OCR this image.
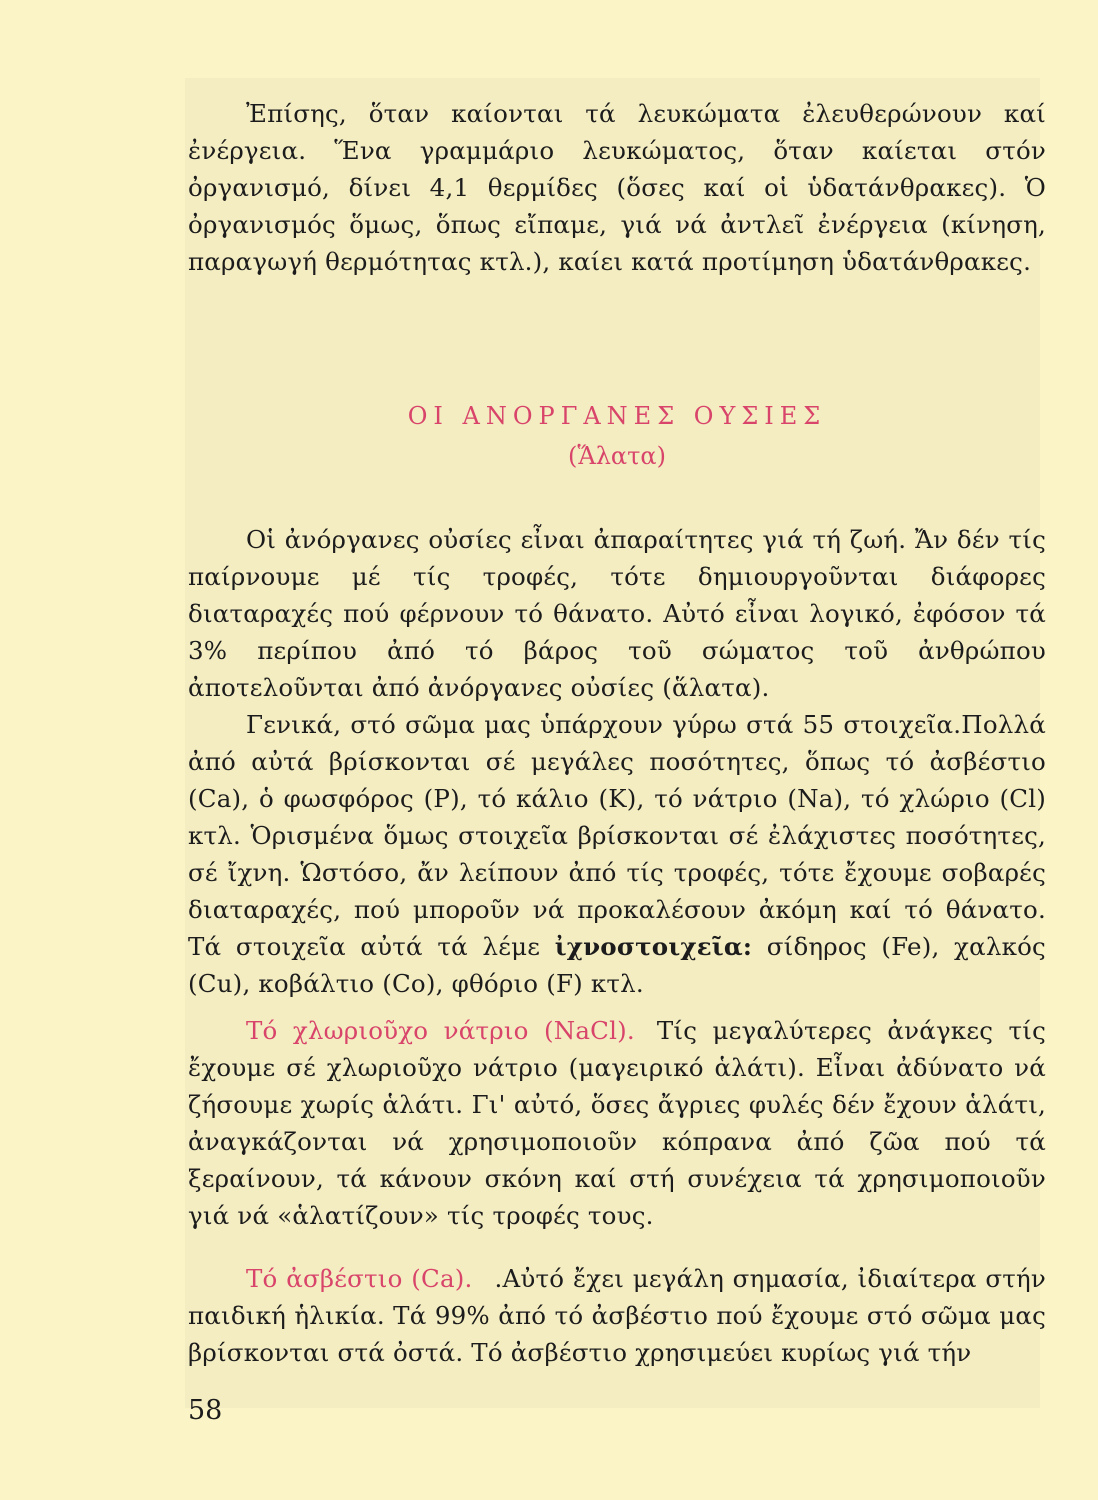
Ἐπίσης, ὅταν καίονται τά λευκώματα ἐλευθερώνουν καί ἐνέργεια. Ἕνα γραμμάριο λευκώματος, ὅταν καίεται στόν ὀργανισμό, δίνει 4,1 θερμίδες (ὅσες καί οἱ ὑδατάνθρακες). Ὁ ὀργανισμός ὅμως, ὅπως εἴπαμε, γιά νά ἀντλεῖ ἐνέργεια (κίνηση, παραγωγή θερμότητας κτλ.), καίει κατά προτίμηση ὑδατάνθρακες.

ΟΙ ΑΝΟΡΓΑΝΕΣ ΟΥΣΙΕΣ
(Ἅλατα)

Οἱ ἀνόργανες οὐσίες εἶναι ἀπαραίτητες γιά τή ζωή. Ἄν δέν τίς παίρνουμε μέ τίς τροφές, τότε δημιουργοῦνται διάφορες διαταραχές πού φέρνουν τό θάνατο. Αὐτό εἶναι λογικό, ἐφόσον τά 3% περίπου ἀπό τό βάρος τοῦ σώματος τοῦ ἀνθρώπου ἀποτελοῦνται ἀπό ἀνόργανες οὐσίες (ἅλατα).

Γενικά, στό σῶμα μας ὑπάρχουν γύρω στά 55 στοιχεῖα.Πολλά ἀπό αὐτά βρίσκονται σέ μεγάλες ποσότητες, ὅπως τό ἀσβέστιο (Ca), ὁ φωσφόρος (P), τό κάλιο (K), τό νάτριο (Na), τό χλώριο (Cl) κτλ. Ὁρισμένα ὅμως στοιχεῖα βρίσκονται σέ ἐλάχιστες ποσότητες, σέ ἴχνη. Ὡστόσο, ἄν λείπουν ἀπό τίς τροφές, τότε ἔχουμε σοβαρές διαταραχές, πού μποροῦν νά προκαλέσουν ἀκόμη καί τό θάνατο. Τά στοιχεῖα αὐτά τά λέμε ἰχνοστοιχεῖα: σίδηρος (Fe), χαλκός (Cu), κοβάλτιο (Co), φθόριο (F) κτλ.

Τό χλωριοῦχο νάτριο (NaCl). Τίς μεγαλύτερες ἀνάγκες τίς ἔχουμε σέ χλωριοῦχο νάτριο (μαγειρικό ἁλάτι). Εἶναι ἀδύνατο νά ζήσουμε χωρίς ἁλάτι. Γι' αὐτό, ὅσες ἄγριες φυλές δέν ἔχουν ἁλάτι, ἀναγκάζονται νά χρησιμοποιοῦν κόπρανα ἀπό ζῶα πού τά ξεραίνουν, τά κάνουν σκόνη καί στή συνέχεια τά χρησιμοποιοῦν γιά νά «ἁλατίζουν» τίς τροφές τους.

Τό ἀσβέστιο (Ca). .Αὐτό ἔχει μεγάλη σημασία, ἰδιαίτερα στήν παιδική ἡλικία. Τά 99% ἀπό τό ἀσβέστιο πού ἔχουμε στό σῶμα μας βρίσκονται στά ὀστά. Τό ἀσβέστιο χρησιμεύει κυρίως γιά τήν

58
